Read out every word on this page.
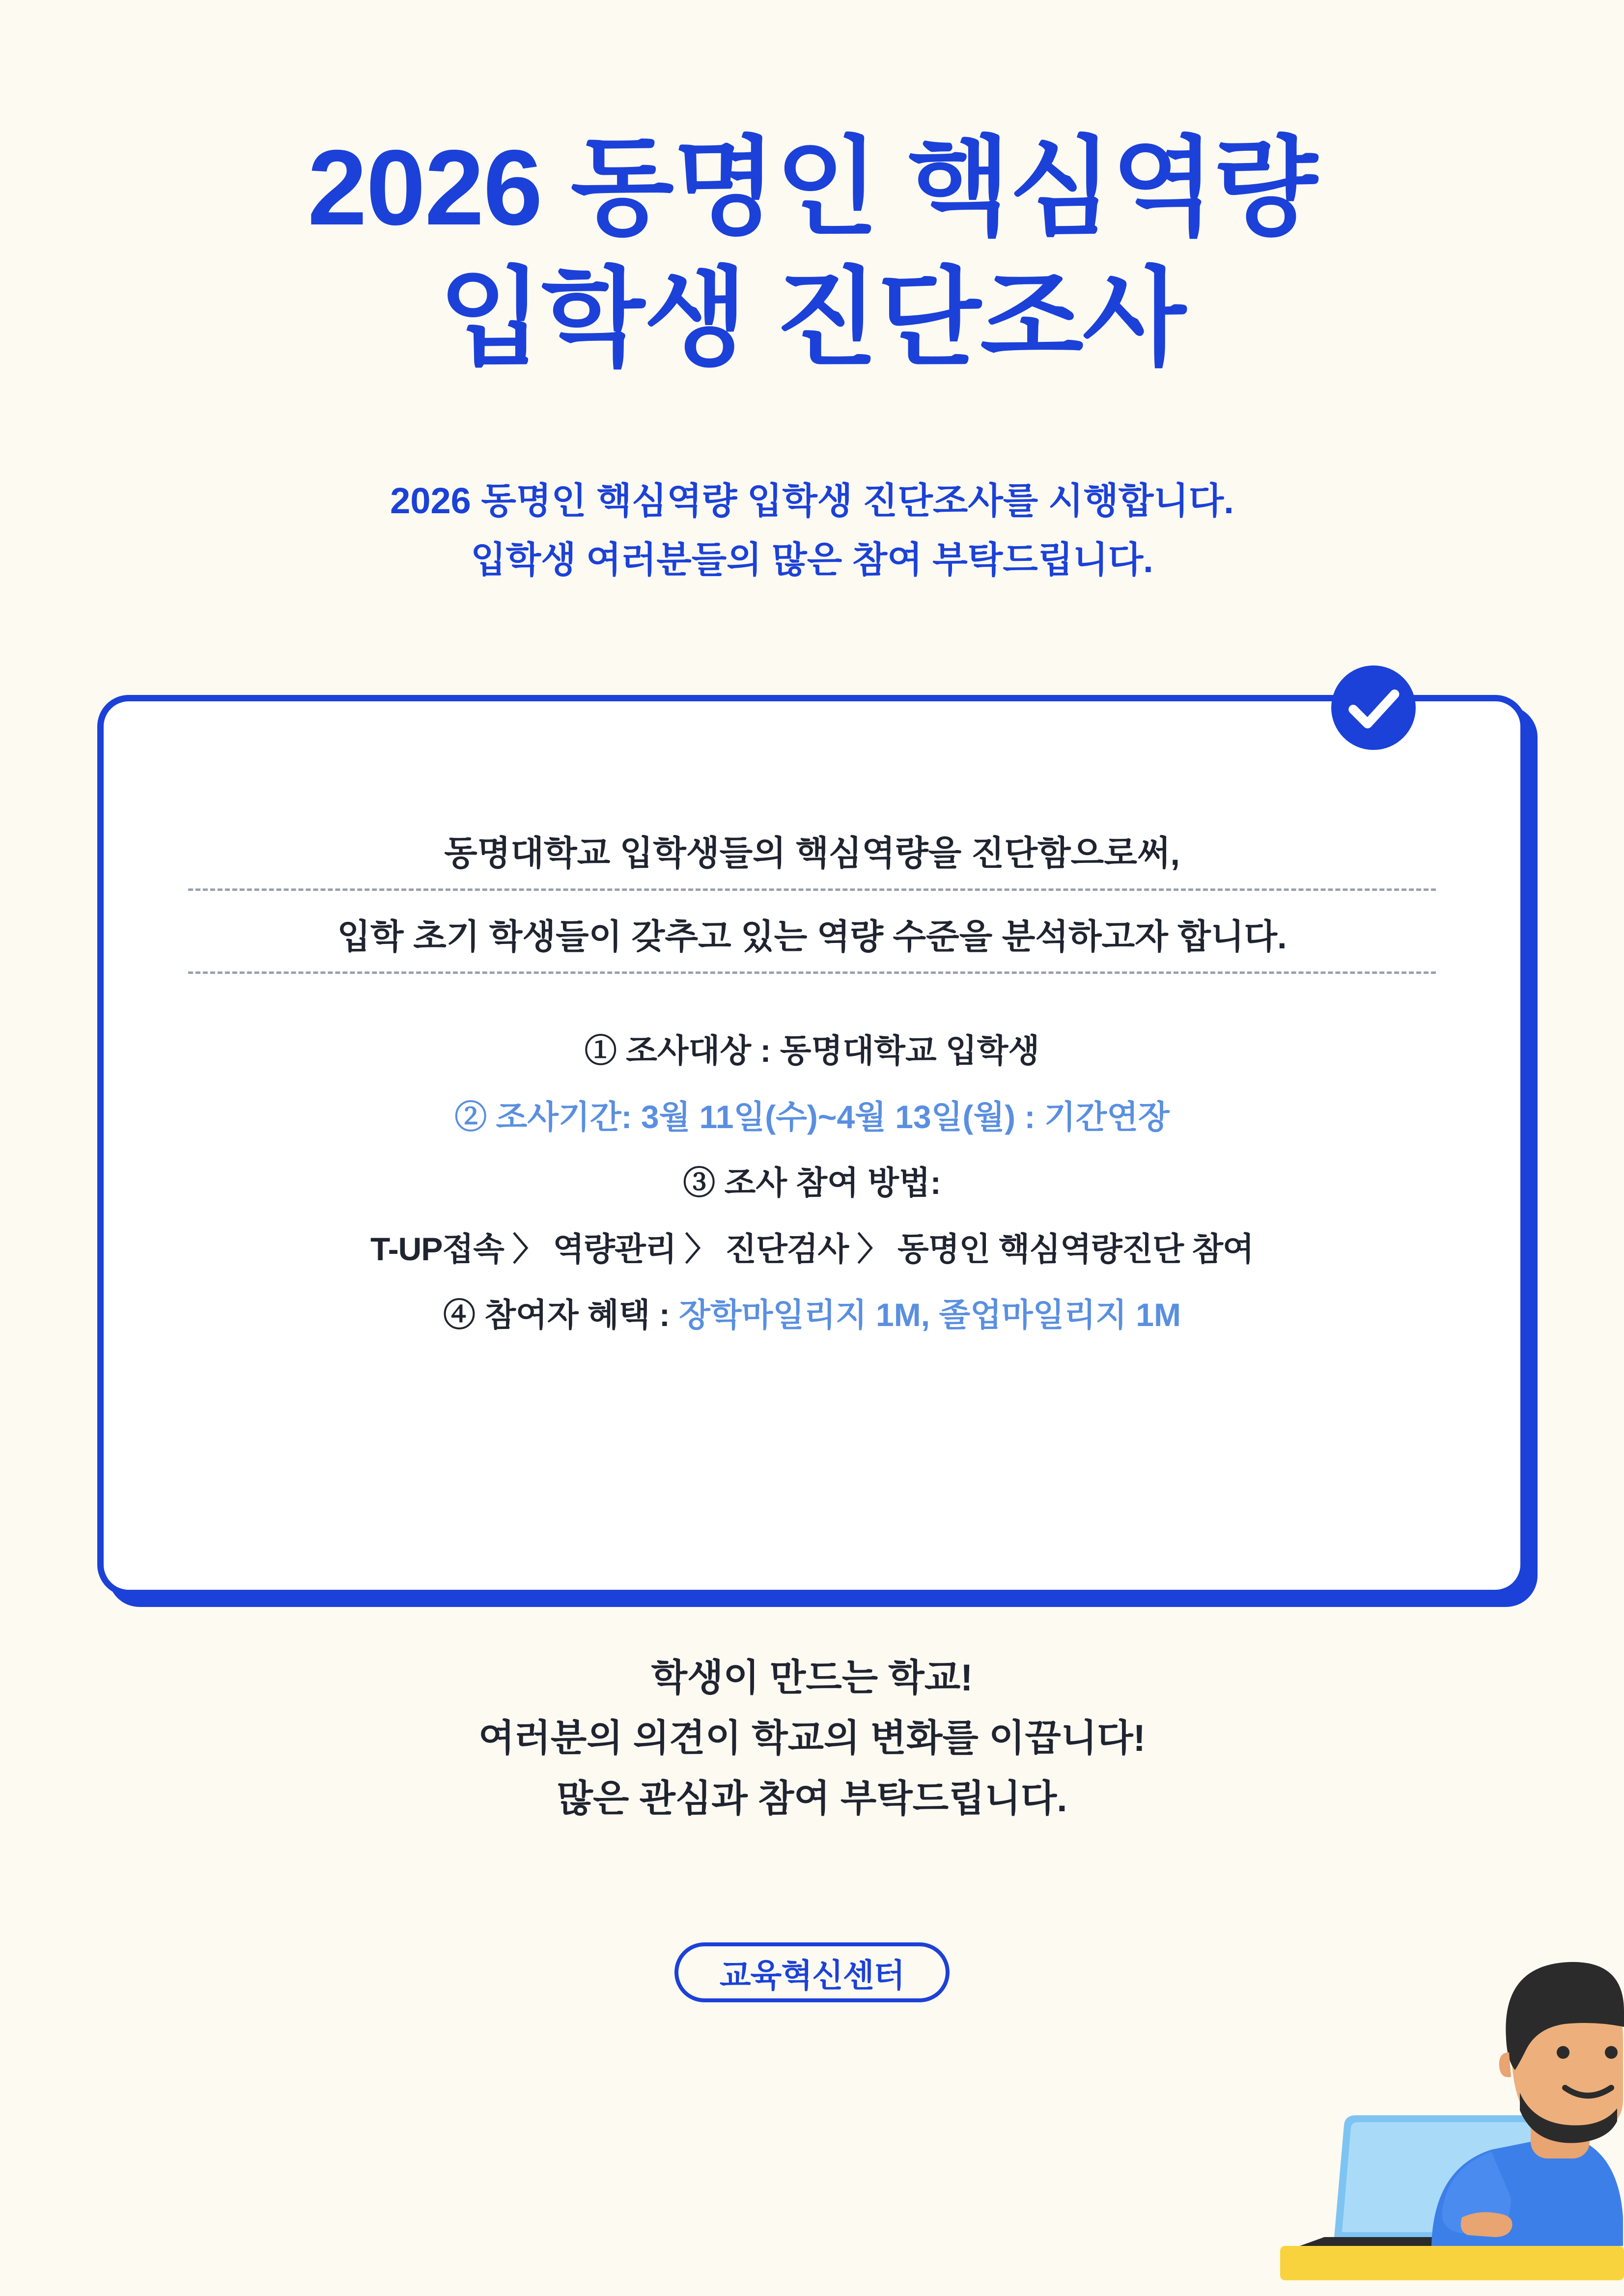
2026 동명인 핵심역량
입학생 진단조사
2026 동명인 핵심역량 입학생 진단조사를 시행합니다.
입학생 여러분들의 많은 참여 부탁드립니다.
동명대학교 입학생들의 핵심역량을 진단함으로써,
입학 초기 학생들이 갖추고 있는 역량 수준을 분석하고자 합니다.
① 조사대상 : 동명대학교 입학생
② 조사기간: 3월 11일(수)~4월 13일(월) : 기간연장
③ 조사 참여 방법:
T-UP접속 〉 역량관리 〉 진단검사 〉 동명인 핵심역량진단 참여
④ 참여자 혜택 : 장학마일리지 1M, 졸업마일리지 1M
학생이 만드는 학교!
여러분의 의견이 학교의 변화를 이끕니다!
많은 관심과 참여 부탁드립니다.
교육혁신센터
